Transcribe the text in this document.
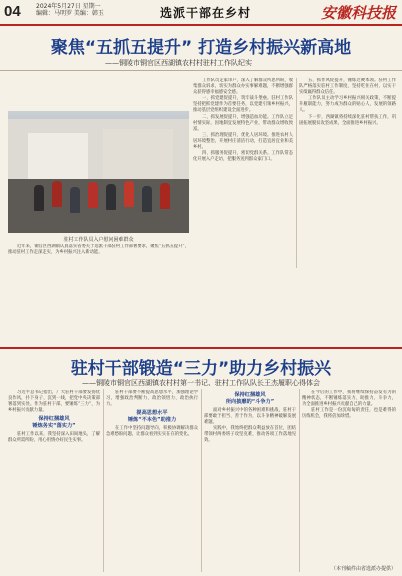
04	2024年5月27日 星期一
编辑：马明罗 美编：韩玉	选派干部在乡村	安徽科技报
聚焦“五抓五提升” 打造乡村振兴新高地
——铜陵市铜官区西湖镇农村村驻村工作队纪实
驻村工作队员入户慰问困难群众

近年来，铜官区西湖镇认真落实省委关于选派干部驻村工作部署要求，聚焦“五抓五提升”，推动驻村工作走深走实，为乡村振兴注入新动能。

工作队员走家串户，深入了解群众所思所盼，收集群众诉求，切实为群众办实事解难题，不断增强群众获得感幸福感安全感。

一、抓党建促提升，筑牢战斗堡垒。驻村工作队坚持把抓党建作为首要任务，以党建引领乡村振兴，推动基层党组织建设全面进步。

二、抓发展促提升，增强造血功能。工作队立足村情实际，因地制宜发展特色产业，带动群众增收致富。

三、抓治理促提升，优化人居环境。推进农村人居环境整治，开展村庄清洁行动，打造宜居宜业和美乡村。

四、抓服务促提升，密切党群关系。工作队常态化开展入户走访，把服务送到群众家门口。

五、抓作风促提升，锤炼过硬本领。驻村工作队严格落实驻村工作制度，坚持吃住在村，以实干实绩赢得群众信任。

工作队员主动学习乡村振兴相关政策，不断提升履职能力，努力成为群众的贴心人、发展的领路人。

下一步，西湖镇将持续深化驻村帮扶工作，巩固拓展脱贫攻坚成果，全面推进乡村振兴。

驻村干部锻造“三力”助力乡村振兴
——铜陵市铜官区西湖镇农村村第一书记、驻村工作队队长王杰履职心得体会

习近平总书记指出，广大驻村干部要发扬优良作风，扑下身子、沉到一线，把党中央决策部署落到实处。作为驻村干部，要锤炼“三力”，为乡村振兴贡献力量。

保持红捆雄风
锤炼务实“落实力”

驻村工作以来，我坚持深入田间地头，了解群众所需所盼，用心用情办好民生实事。

驻村干部要不断提高思想水平，加强理论学习，增强政治判断力、政治领悟力、政治执行力。

提高思想水平
锤炼“不本色”助推力

在工作中坚持问题导向，积极协调解决群众急难愁盼问题，让群众看到实实在在的变化。

保持红捆雄风
所向披靡的“斗争力”

面对乡村振兴中的各种困难和挑战，驻村干部要敢于担当、善于作为，以斗争精神破解发展难题。

实践中，我始终把群众利益放在首位，团结带领村两委班子攻坚克难，推动各项工作落地见效。

在今后的工作中，我将继续保持奋发有为的精神状态，不断锤炼落实力、助推力、斗争力，为全面推进乡村振兴贡献自己的力量。

驻村工作是一份沉甸甸的责任，也是难得的历练机会，我将倍加珍惜。

（本刊稿件由省选派办提供）
